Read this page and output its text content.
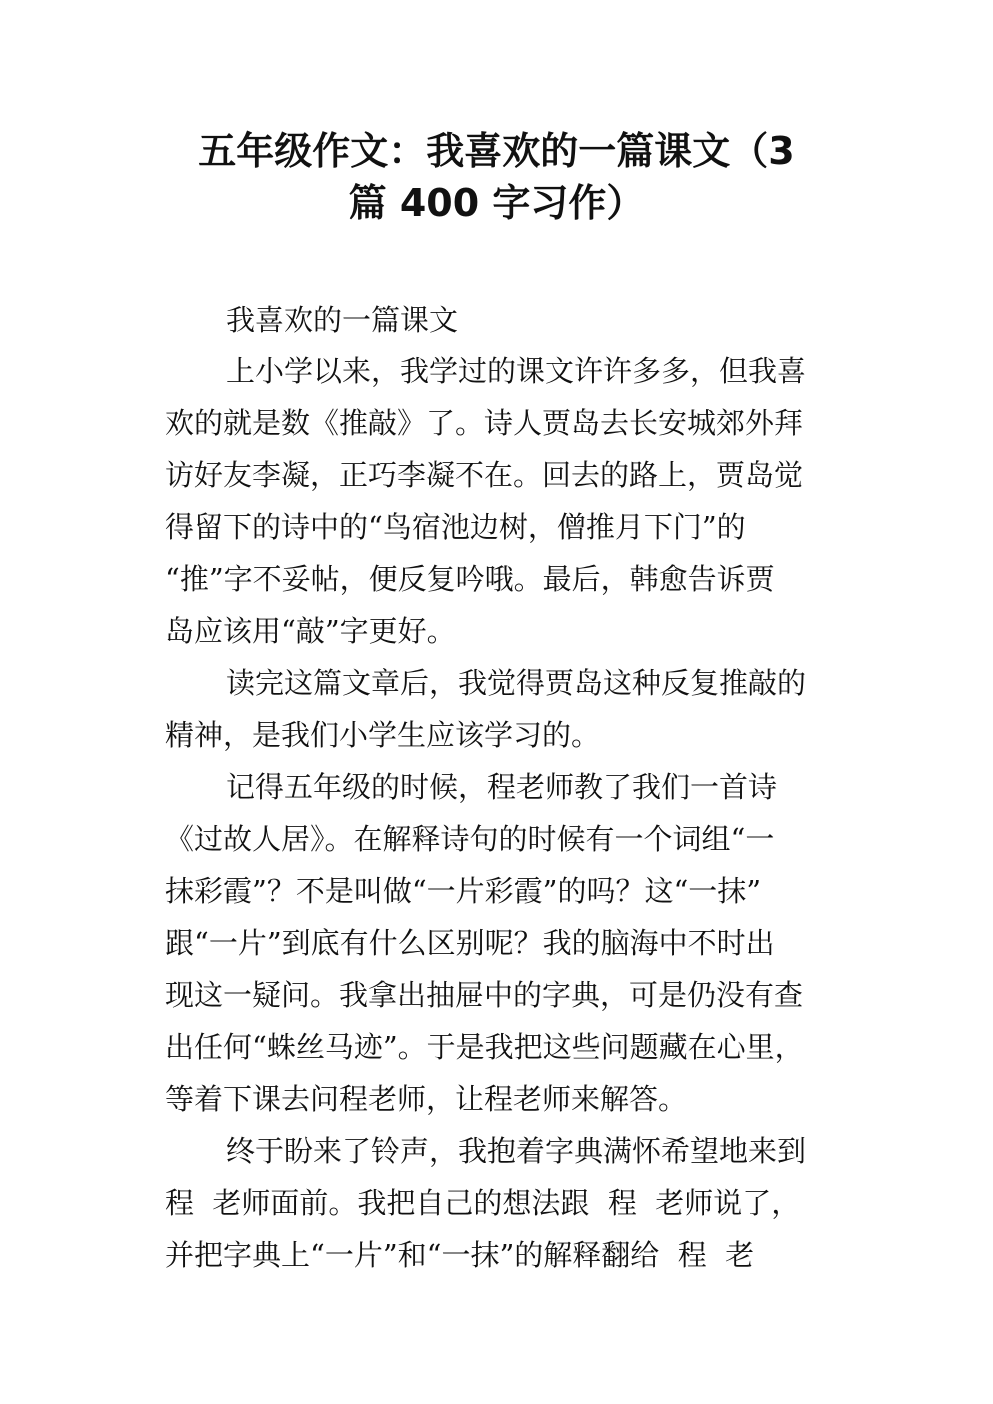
五年级作文：我喜欢的一篇课文（3
篇 400 字习作）

我喜欢的一篇课文

上小学以来，我学过的课文许许多多，但我喜

欢的就是数《推敲》了。诗人贾岛去长安城郊外拜

访好友李凝，正巧李凝不在。回去的路上，贾岛觉

得留下的诗中的“鸟宿池边树，僧推月下门”的

“推”字不妥帖，便反复吟哦。最后，韩愈告诉贾

岛应该用“敲”字更好。

读完这篇文章后，我觉得贾岛这种反复推敲的

精神，是我们小学生应该学习的。

记得五年级的时候，程老师教了我们一首诗

《过故人居》。在解释诗句的时候有一个词组“一

抹彩霞”？不是叫做“一片彩霞”的吗？这“一抹”

跟“一片”到底有什么区别呢？我的脑海中不时出

现这一疑问。我拿出抽屉中的字典，可是仍没有查

出任何“蛛丝马迹”。于是我把这些问题藏在心里，

等着下课去问程老师，让程老师来解答。

终于盼来了铃声，我抱着字典满怀希望地来到

程  老师面前。我把自己的想法跟  程  老师说了，

并把字典上“一片”和“一抹”的解释翻给  程  老
